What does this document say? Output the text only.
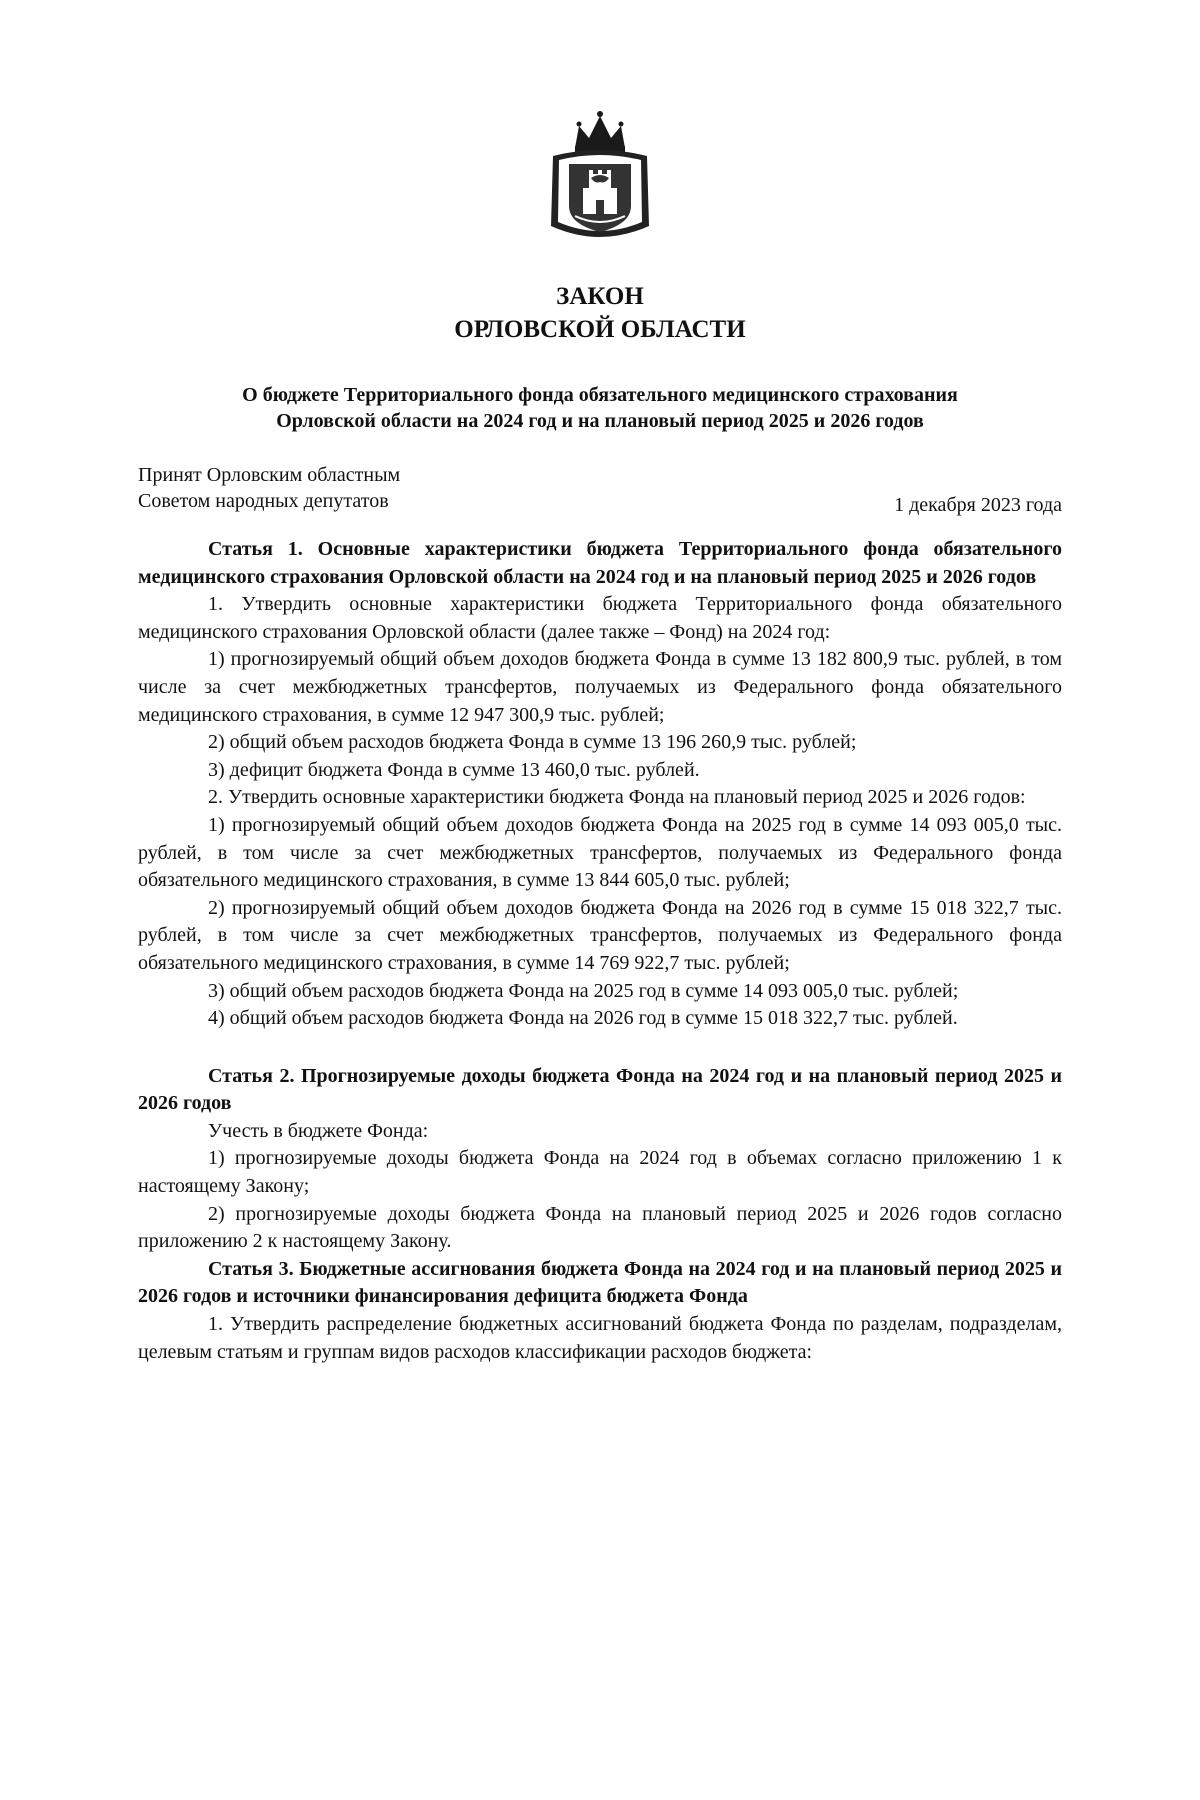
ЗАКОН
ОРЛОВСКОЙ ОБЛАСТИ
О бюджете Территориального фонда обязательного медицинского страхования
Орловской области на 2024 год и на плановый период 2025 и 2026 годов
Принят Орловским областным
Советом народных депутатов	1 декабря 2023 года

Статья 1. Основные характеристики бюджета Территориального фонда обязательного медицинского страхования Орловской области на 2024 год и на плановый период 2025 и 2026 годов

1. Утвердить основные характеристики бюджета Территориального фонда обязательного медицинского страхования Орловской области (далее также – Фонд) на 2024 год:

1) прогнозируемый общий объем доходов бюджета Фонда в сумме 13 182 800,9 тыс. рублей, в том числе за счет межбюджетных трансфертов, получаемых из Федерального фонда обязательного медицинского страхования, в сумме 12 947 300,9 тыс. рублей;

2) общий объем расходов бюджета Фонда в сумме 13 196 260,9 тыс. рублей;

3) дефицит бюджета Фонда в сумме 13 460,0 тыс. рублей.

2. Утвердить основные характеристики бюджета Фонда на плановый период 2025 и 2026 годов:

1) прогнозируемый общий объем доходов бюджета Фонда на 2025 год в сумме 14 093 005,0 тыс. рублей, в том числе за счет межбюджетных трансфертов, получаемых из Федерального фонда обязательного медицинского страхования, в сумме 13 844 605,0 тыс. рублей;

2) прогнозируемый общий объем доходов бюджета Фонда на 2026 год в сумме 15 018 322,7 тыс. рублей, в том числе за счет межбюджетных трансфертов, получаемых из Федерального фонда обязательного медицинского страхования, в сумме 14 769 922,7 тыс. рублей;

3) общий объем расходов бюджета Фонда на 2025 год в сумме 14 093 005,0 тыс. рублей;

4) общий объем расходов бюджета Фонда на 2026 год в сумме 15 018 322,7 тыс. рублей.

Статья 2. Прогнозируемые доходы бюджета Фонда на 2024 год и на плановый период 2025 и 2026 годов

Учесть в бюджете Фонда:

1) прогнозируемые доходы бюджета Фонда на 2024 год в объемах согласно приложению 1 к настоящему Закону;

2) прогнозируемые доходы бюджета Фонда на плановый период 2025 и 2026 годов согласно приложению 2 к настоящему Закону.

Статья 3. Бюджетные ассигнования бюджета Фонда на 2024 год и на плановый период 2025 и 2026 годов и источники финансирования дефицита бюджета Фонда

1. Утвердить распределение бюджетных ассигнований бюджета Фонда по разделам, подразделам, целевым статьям и группам видов расходов классификации расходов бюджета:
